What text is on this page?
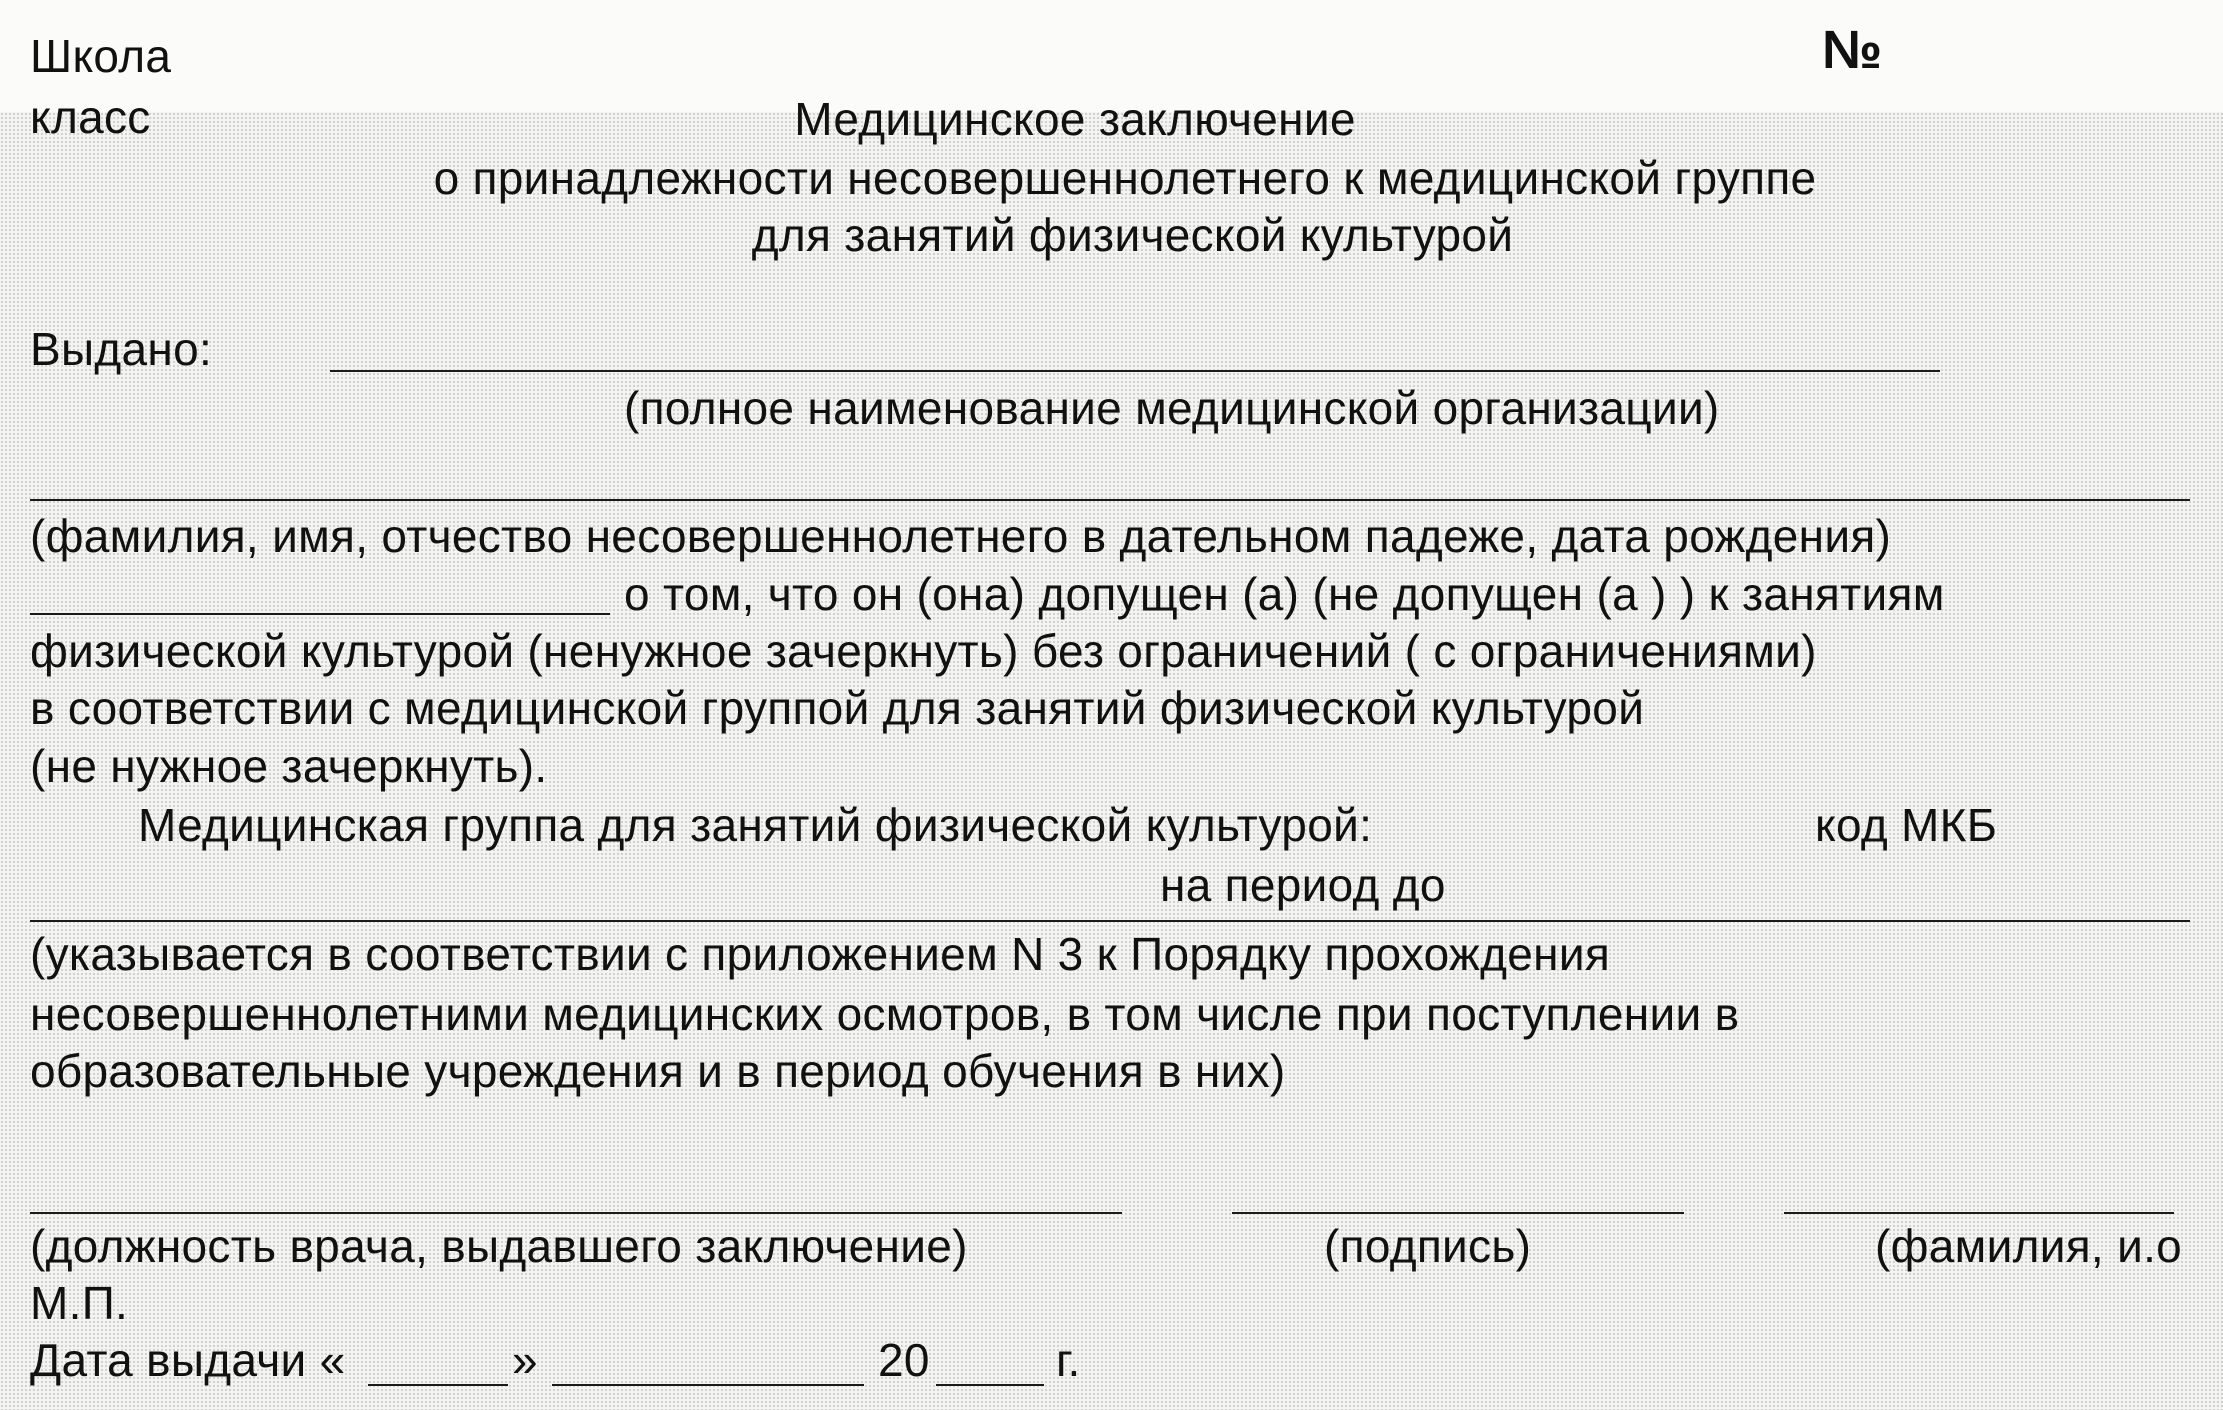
Школа
класс
№
Медицинское заключение
о принадлежности несовершеннолетнего к медицинской группе
для занятий физической культурой
Выдано:
(полное наименование медицинской организации)
(фамилия, имя, отчество несовершеннолетнего в дательном падеже, дата рождения)
о том, что он (она) допущен (а) (не допущен (а ) ) к занятиям
физической культурой (ненужное зачеркнуть) без ограничений ( с ограничениями)
в соответствии с медицинской группой для занятий физической культурой
(не нужное зачеркнуть).
Медицинская группа для занятий физической культурой:	код МКБ
на период до
(указывается в соответствии с приложением N 3 к Порядку прохождения
несовершеннолетними медицинских осмотров, в том числе при поступлении в
образовательные учреждения и в период обучения в них)
(должность врача, выдавшего заключение)	(подпись)	(фамилия, и.о
М.П.
Дата выдачи «	»	20	г.
